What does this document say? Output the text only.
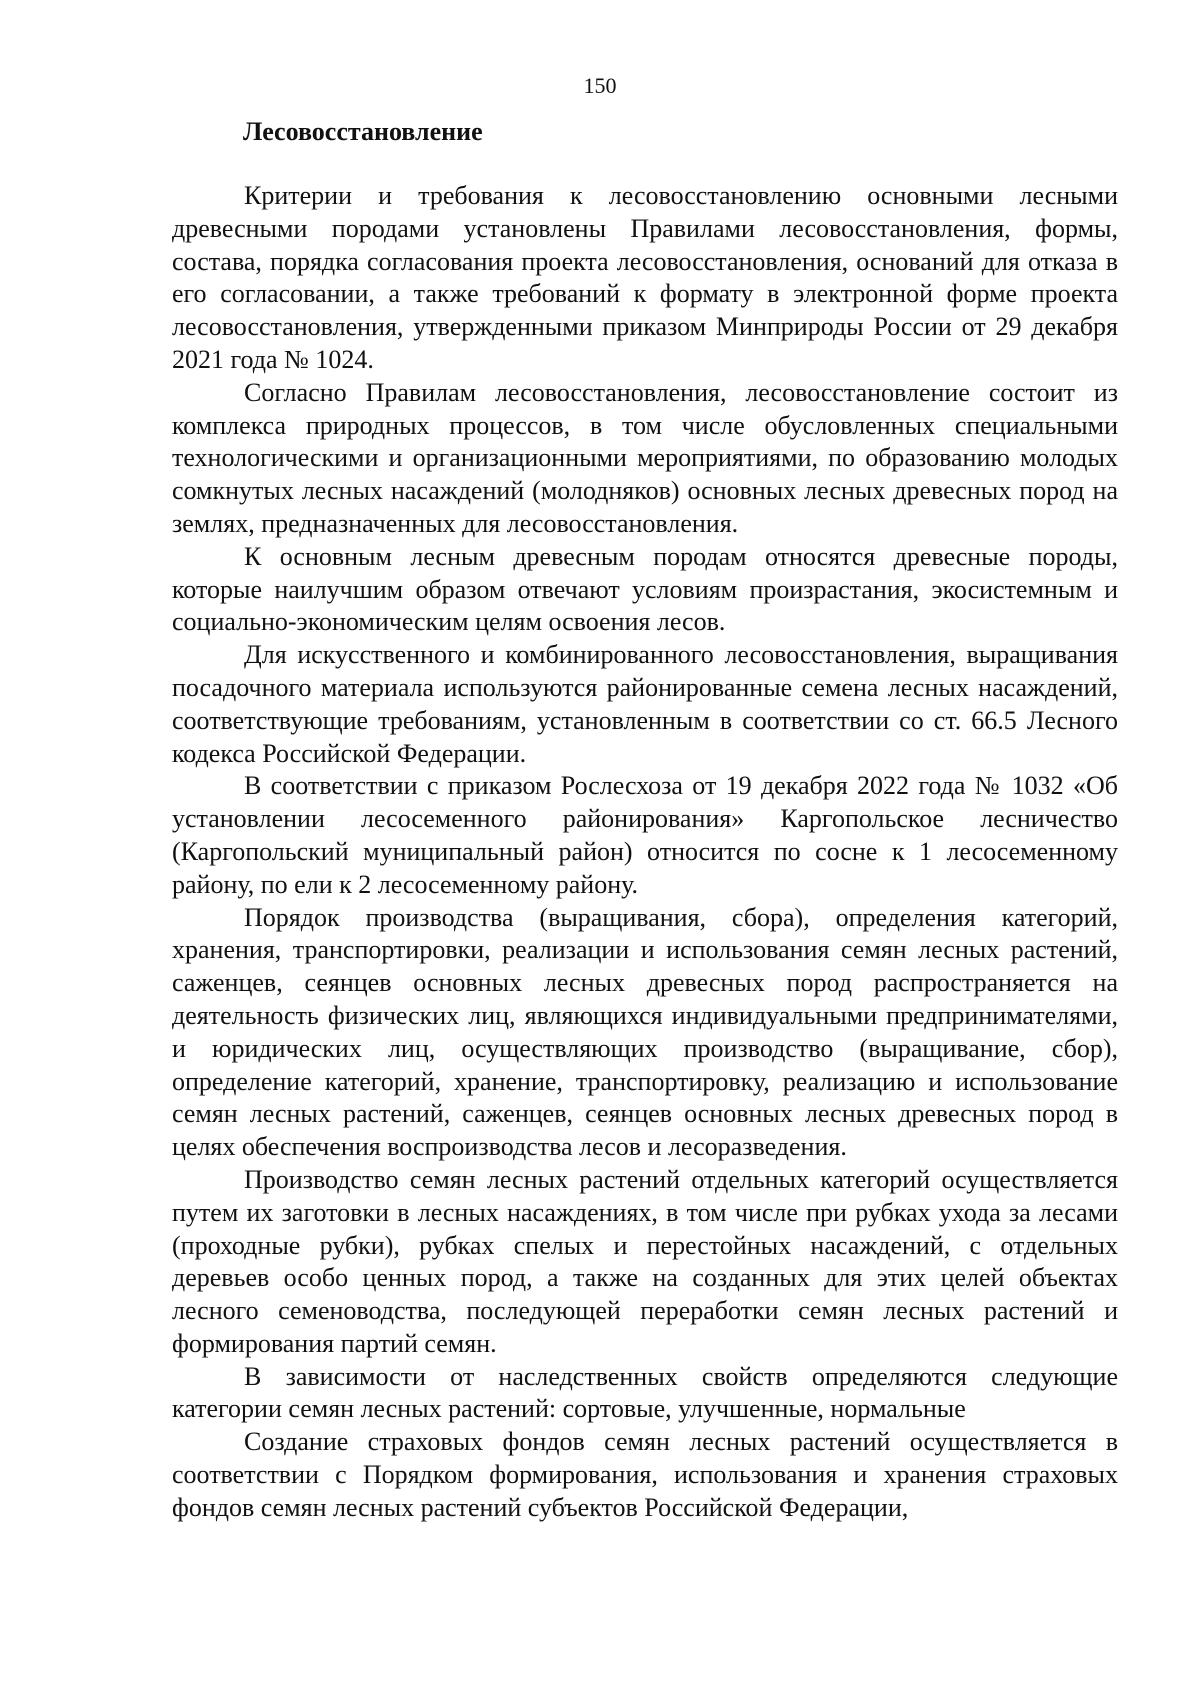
150
Лесовосстановление

Критерии и требования к лесовосстановлению основными лесными древесными породами установлены Правилами лесовосстановления, формы, состава, порядка согласования проекта лесовосстановления, оснований для отказа в его согласовании, а также требований к формату в электронной форме проекта лесовосстановления, утвержденными приказом Минприроды России от 29 декабря 2021 года № 1024.

Согласно Правилам лесовосстановления, лесовосстановление состоит из комплекса природных процессов, в том числе обусловленных специальными технологическими и организационными мероприятиями, по образованию молодых сомкнутых лесных насаждений (молодняков) основных лесных древесных пород на землях, предназначенных для лесовосстановления.

К основным лесным древесным породам относятся древесные породы, которые наилучшим образом отвечают условиям произрастания, экосистемным и социально-экономическим целям освоения лесов.

Для искусственного и комбинированного лесовосстановления, выращивания посадочного материала используются районированные семена лесных насаждений, соответствующие требованиям, установленным в соответствии со ст. 66.5 Лесного кодекса Российской Федерации.

В соответствии с приказом Рослесхоза от 19 декабря 2022 года № 1032 «Об установлении лесосеменного районирования» Каргопольское лесничество (Каргопольский муниципальный район) относится по сосне к 1 лесосеменному району, по ели к 2 лесосеменному району.

Порядок производства (выращивания, сбора), определения категорий, хранения, транспортировки, реализации и использования семян лесных растений, саженцев, сеянцев основных лесных древесных пород распространяется на деятельность физических лиц, являющихся индивидуальными предпринимателями, и юридических лиц, осуществляющих производство (выращивание, сбор), определение категорий, хранение, транспортировку, реализацию и использование семян лесных растений, саженцев, сеянцев основных лесных древесных пород в целях обеспечения воспроизводства лесов и лесоразведения.

Производство семян лесных растений отдельных категорий осуществляется путем их заготовки в лесных насаждениях, в том числе при рубках ухода за лесами (проходные рубки), рубках спелых и перестойных насаждений, с отдельных деревьев особо ценных пород, а также на созданных для этих целей объектах лесного семеноводства, последующей переработки семян лесных растений и формирования партий семян.

В зависимости от наследственных свойств определяются следующие категории семян лесных растений: сортовые, улучшенные, нормальные

Создание страховых фондов семян лесных растений осуществляется в соответствии с Порядком формирования, использования и хранения страховых фондов семян лесных растений субъектов Российской Федерации,
